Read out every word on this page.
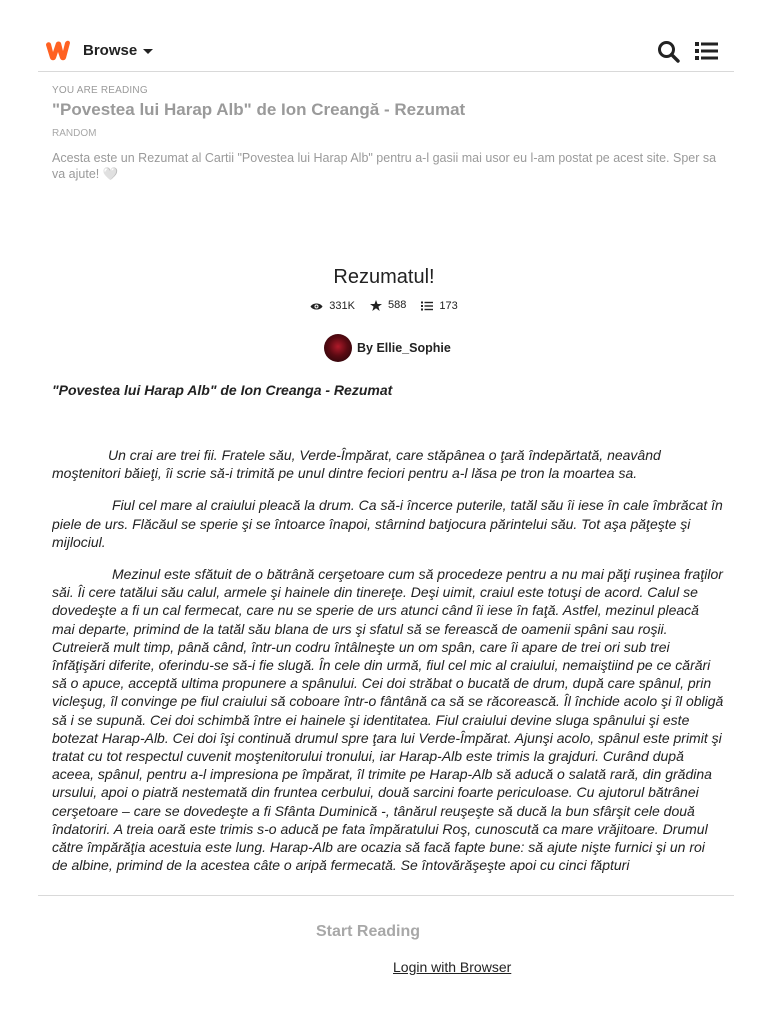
Browse
YOU ARE READING
"Povestea lui Harap Alb" de Ion Creangă - Rezumat
RANDOM
Acesta este un Rezumat al Cartii "Povestea lui Harap Alb" pentru a-l gasii mai usor eu l-am postat pe acest site. Sper sa va ajute! 🤍
Rezumatul!
331K
	588
	173
By Ellie_Sophie
"Povestea lui Harap Alb" de Ion Creanga - Rezumat

Un crai are trei fii. Fratele său, Verde-Împărat, care stăpânea o ţară îndepărtată, neavând moştenitori băieţi, îi scrie să-i trimită pe unul dintre feciori pentru a-l lăsa pe tron la moartea sa.

Fiul cel mare al craiului pleacă la drum. Ca să-i încerce puterile, tatăl său îi iese în cale îmbrăcat în piele de urs. Flăcăul se sperie şi se întoarce înapoi, stârnind batjocura părintelui său. Tot aşa păţeşte şi mijlociul.

Mezinul este sfătuit de o bătrână cerşetoare cum să procedeze pentru a nu mai păţi ruşinea fraţilor săi. Îi cere tatălui său calul, armele şi hainele din tinereţe. Deşi uimit, craiul este totuşi de acord. Calul se dovedeşte a fi un cal fermecat, care nu se sperie de urs atunci când îi iese în faţă. Astfel, mezinul pleacă mai departe, primind de la tatăl său blana de urs şi sfatul să se ferească de oamenii spâni sau roşii. Cutreieră mult timp, până când, într-un codru întâlneşte un om spân, care îi apare de trei ori sub trei înfăţişări diferite, oferindu-se să-i fie slugă. În cele din urmă, fiul cel mic al craiului, nemaiştiind pe ce cărări să o apuce, acceptă ultima propunere a spânului. Cei doi străbat o bucată de drum, după care spânul, prin vicleşug, îl convinge pe fiul craiului să coboare într-o fântână ca să se răcorească. Îl închide acolo şi îl obligă să i se supună. Cei doi schimbă între ei hainele şi identitatea. Fiul craiului devine sluga spânului şi este botezat Harap-Alb. Cei doi îşi continuă drumul spre ţara lui Verde-Împărat. Ajunşi acolo, spânul este primit şi tratat cu tot respectul cuvenit moştenitorului tronului, iar Harap-Alb este trimis la grajduri. Curând după aceea, spânul, pentru a-l impresiona pe împărat, îl trimite pe Harap-Alb să aducă o salată rară, din grădina ursului, apoi o piatră nestemată din fruntea cerbului, două sarcini foarte periculoase. Cu ajutorul bătrânei cerşetoare – care se dovedeşte a fi Sfânta Duminică -, tânărul reuşeşte să ducă la bun sfârşit cele două îndatoriri. A treia oară este trimis s-o aducă pe fata împăratului Roş, cunoscută ca mare vrăjitoare. Drumul către împărăţia acestuia este lung. Harap-Alb are ocazia să facă fapte bune: să ajute nişte furnici şi un roi de albine, primind de la acestea câte o aripă fermecată. Se întovărăşeşte apoi cu cinci făpturi

Start Reading
Login with Browser
